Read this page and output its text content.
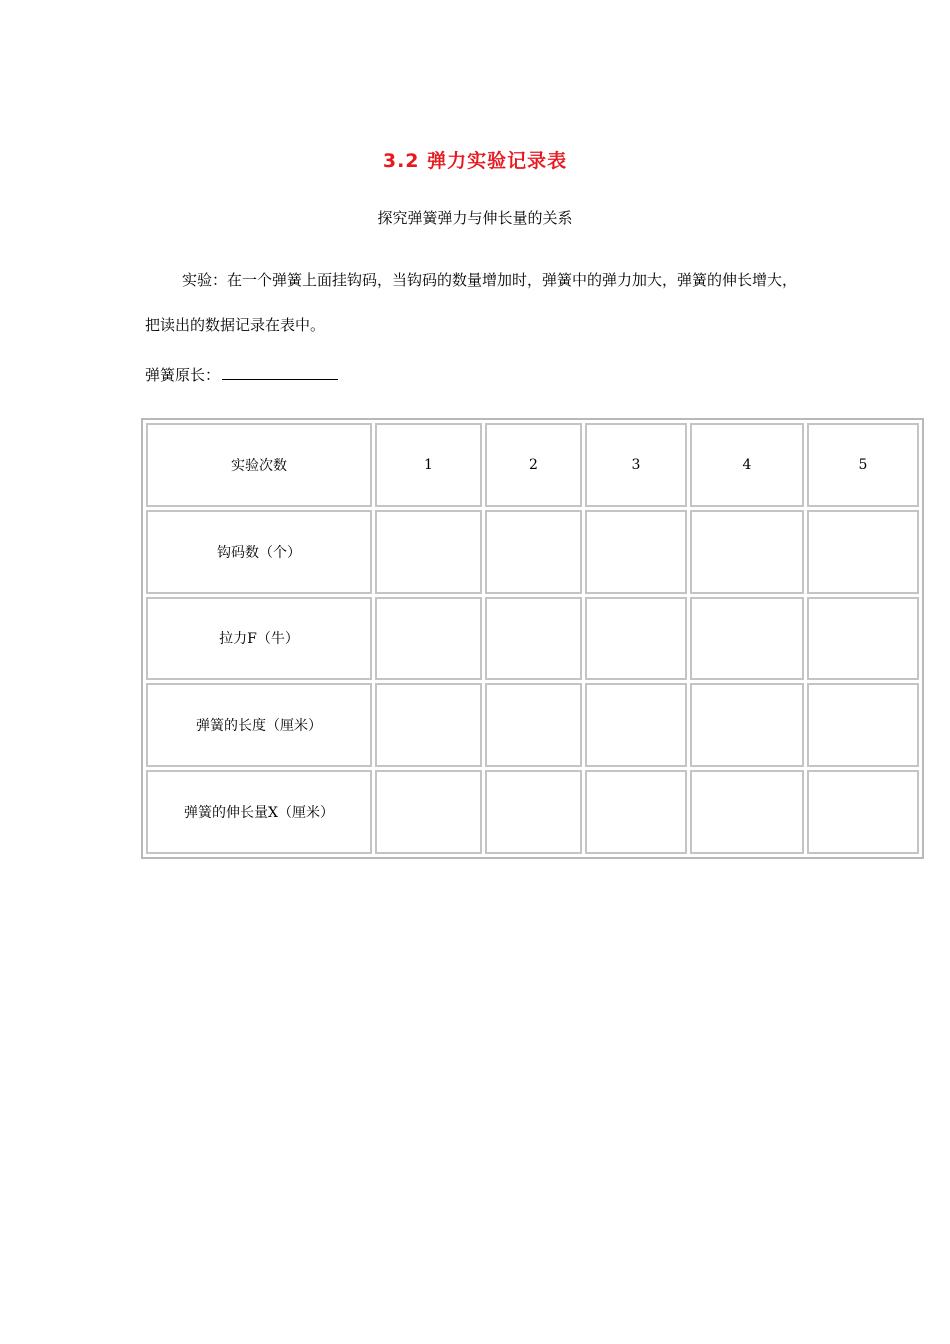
3.2 弹力实验记录表
探究弹簧弹力与伸长量的关系
实验：在一个弹簧上面挂钩码，当钩码的数量增加时，弹簧中的弹力加大，弹簧的伸长增大，把读出的数据记录在表中。
弹簧原长：
实验次数	1	2	3	4	5
钩码数（个）					
拉力F（牛）					
弹簧的长度（厘米）					
弹簧的伸长量X（厘米）					
